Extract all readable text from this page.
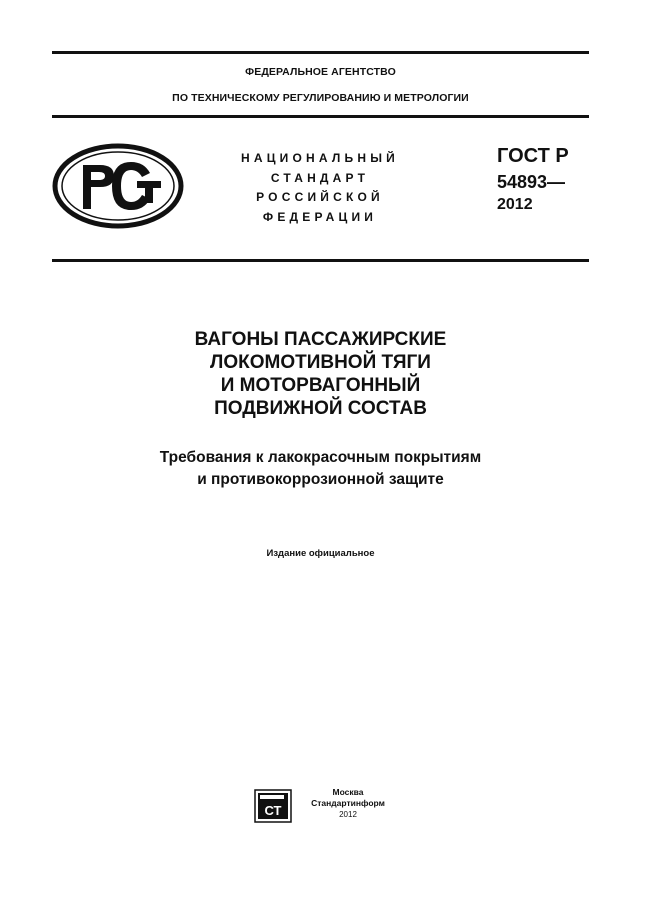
ФЕДЕРАЛЬНОЕ АГЕНТСТВО
ПО ТЕХНИЧЕСКОМУ РЕГУЛИРОВАНИЮ И МЕТРОЛОГИИ
НАЦИОНАЛЬНЫЙ
СТАНДАРТ
РОССИЙСКОЙ
ФЕДЕРАЦИИ
ГОСТ Р
54893—
2012
ВАГОНЫ ПАССАЖИРСКИЕ
ЛОКОМОТИВНОЙ ТЯГИ
И МОТОРВАГОННЫЙ
ПОДВИЖНОЙ СОСТАВ
Требования к лакокрасочным покрытиям
и противокоррозионной защите
Издание официальное
СТ
Москва
Стандартинформ
2012
